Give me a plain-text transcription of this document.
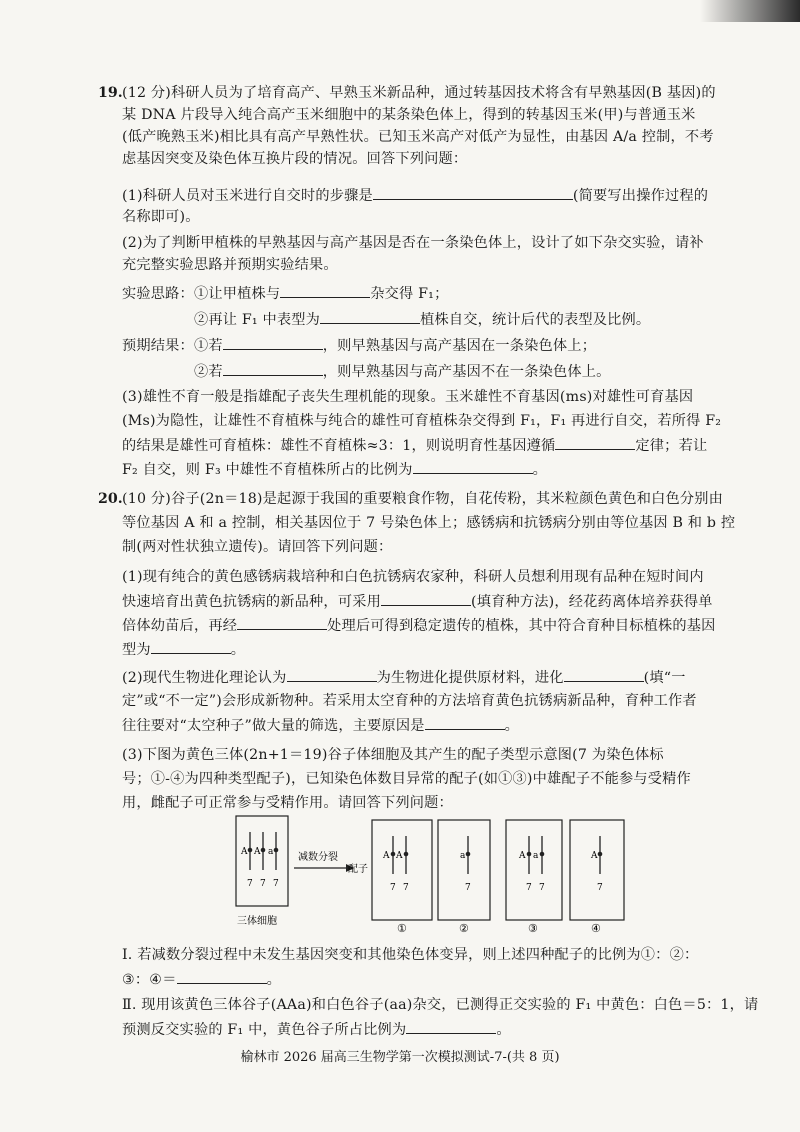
19. (12 分)科研人员为了培育高产、早熟玉米新品种，通过转基因技术将含有早熟基因(B 基因)的
某 DNA 片段导入纯合高产玉米细胞中的某条染色体上，得到的转基因玉米(甲)与普通玉米
(低产晚熟玉米)相比具有高产早熟性状。已知玉米高产对低产为显性，由基因 A/a 控制，不考
虑基因突变及染色体互换片段的情况。回答下列问题：
(1)科研人员对玉米进行自交时的步骤是	(简要写出操作过程的
名称即可)。
(2)为了判断甲植株的早熟基因与高产基因是否在一条染色体上，设计了如下杂交实验，请补
充完整实验思路并预期实验结果。
实验思路：①让甲植株与	杂交得 F₁；
②再让 F₁ 中表型为	植株自交，统计后代的表型及比例。
预期结果：①若	，则早熟基因与高产基因在一条染色体上；
②若	，则早熟基因与高产基因不在一条染色体上。
(3)雄性不育一般是指雄配子丧失生理机能的现象。玉米雄性不育基因(ms)对雄性可育基因
(Ms)为隐性，让雄性不育植株与纯合的雄性可育植株杂交得到 F₁，F₁ 再进行自交，若所得 F₂
的结果是雄性可育植株：雄性不育植株≈3：1，则说明育性基因遵循	定律；若让
F₂ 自交，则 F₃ 中雄性不育植株所占的比例为	。
20. (10 分)谷子(2n＝18)是起源于我国的重要粮食作物，自花传粉，其米粒颜色黄色和白色分别由
等位基因 A 和 a 控制，相关基因位于 7 号染色体上；感锈病和抗锈病分别由等位基因 B 和 b 控
制(两对性状独立遗传)。请回答下列问题：
(1)现有纯合的黄色感锈病栽培种和白色抗锈病农家种，科研人员想利用现有品种在短时间内
快速培育出黄色抗锈病的新品种，可采用	(填育种方法)，经花药离体培养获得单
倍体幼苗后，再经	处理后可得到稳定遗传的植株，其中符合育种目标植株的基因
型为	。
(2)现代生物进化理论认为	为生物进化提供原材料，进化	(填“一
定”或“不一定”)会形成新物种。若采用太空育种的方法培育黄色抗锈病新品种，育种工作者
往往要对“太空种子”做大量的筛选，主要原因是	。
(3)下图为黄色三体(2n+1＝19)谷子体细胞及其产生的配子类型示意图(7 为染色体标
号；①-④为四种类型配子)，已知染色体数目异常的配子(如①③)中雄配子不能参与受精作
用，雌配子可正常参与受精作用。请回答下列问题：
A A a
7 7 7
三体细胞
减数分裂
配子
A A
7 7
a
7
A a
7 7
A
7
①	②	③	④
Ⅰ. 若减数分裂过程中未发生基因突变和其他染色体变异，则上述四种配子的比例为①：②：
③：④＝	。
Ⅱ. 现用该黄色三体谷子(AAa)和白色谷子(aa)杂交，已测得正交实验的 F₁ 中黄色：白色＝5：1，请
预测反交实验的 F₁ 中，黄色谷子所占比例为	。
榆林市 2026 届高三生物学第一次模拟测试-7-(共 8 页)
